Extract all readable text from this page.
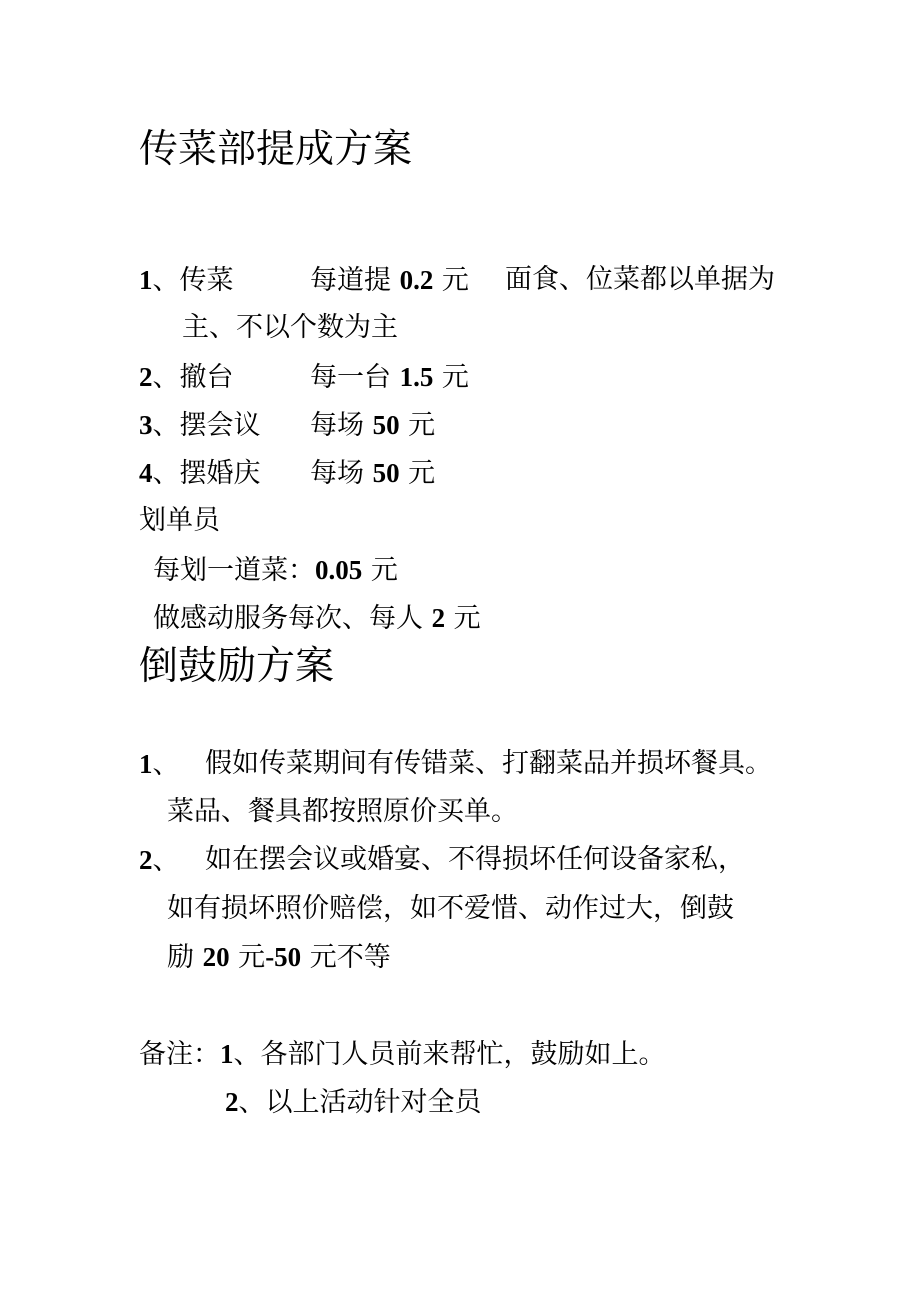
传菜部提成方案
1、传菜	每道提 0.2 元 面食、位菜都以单据为
主、不以个数为主
2、撤台	每一台 1.5 元
3、摆会议 每场 50 元
4、摆婚庆 每场 50 元
划单员
每划一道菜：0.05 元
做感动服务每次、每人 2 元
倒鼓励方案
1、 假如传菜期间有传错菜、打翻菜品并损坏餐具。
菜品、餐具都按照原价买单。
2、 如在摆会议或婚宴、不得损坏任何设备家私，
如有损坏照价赔偿，如不爱惜、动作过大，倒鼓
励 20 元-50 元不等
备注：1、各部门人员前来帮忙，鼓励如上。
2、以上活动针对全员
